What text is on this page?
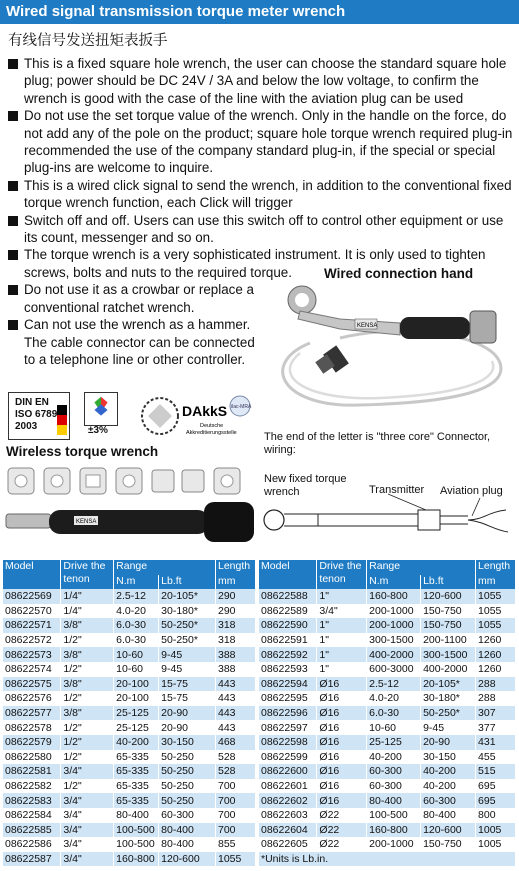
Wired signal transmission torque meter wrench
有线信号发送扭矩表扳手
This is a fixed square hole wrench, the user can choose the standard square hole plug; power should be DC 24V / 3A and below the low voltage, to confirm the wrench is good with the case of the line with the aviation plug can be used
Do not use the set torque value of the wrench. Only in the handle on the force, do not add any of the pole on the product; square hole torque wrench required plug-in recommended the use of the company standard plug-in, if the special or special plug-ins are welcome to inquire.
This is a wired click signal to send the wrench, in addition to the conventional fixed torque wrench function, each Click will trigger
Switch off and off. Users can use this switch off to control other equipment or use its count, messenger and so on.
The torque wrench is a very sophisticated instrument. It is only used to tighten screws, bolts and nuts to the required torque.
Do not use it as a crowbar or replace a conventional ratchet wrench.
Can not use the wrench as a hammer. The cable connector can be connected to a telephone line or other controller.
Wired connection hand
KENSA
DIN EN
ISO 6789
2003	±3%
DAkkS
Deutsche
Akkreditierungsstelle
ilac-MRA
The end of the letter is "three core" Connector, wiring:
Wireless torque wrench
KENSA
New fixed torque wrench	Transmitter Aviation plug
Model	Drive the tenon	Range		Length
		N.m	Lb.ft	mm
08622569	1/4"	2.5-12	20-105*	290
08622570	1/4"	4.0-20	30-180*	290
08622571	3/8"	6.0-30	50-250*	318
08622572	1/2"	6.0-30	50-250*	318
08622573	3/8"	10-60	9-45	388
08622574	1/2"	10-60	9-45	388
08622575	3/8"	20-100	15-75	443
08622576	1/2"	20-100	15-75	443
08622577	3/8"	25-125	20-90	443
08622578	1/2"	25-125	20-90	443
08622579	1/2"	40-200	30-150	468
08622580	1/2"	65-335	50-250	528
08622581	3/4"	65-335	50-250	528
08622582	1/2"	65-335	50-250	700
08622583	3/4"	65-335	50-250	700
08622584	3/4"	80-400	60-300	700
08622585	3/4"	100-500	80-400	700
08622586	3/4"	100-500	80-400	855
08622587	3/4"	160-800	120-600	1055
Model	Drive the tenon	Range		Length
		N.m	Lb.ft	mm
08622588	1"	160-800	120-600	1055
08622589	3/4"	200-1000	150-750	1055
08622590	1"	200-1000	150-750	1055
08622591	1"	300-1500	200-1100	1260
08622592	1"	400-2000	300-1500	1260
08622593	1"	600-3000	400-2000	1260
08622594	Ø16	2.5-12	20-105*	288
08622595	Ø16	4.0-20	30-180*	288
08622596	Ø16	6.0-30	50-250*	307
08622597	Ø16	10-60	9-45	377
08622598	Ø16	25-125	20-90	431
08622599	Ø16	40-200	30-150	455
08622600	Ø16	60-300	40-200	515
08622601	Ø16	60-300	40-200	695
08622602	Ø16	80-400	60-300	695
08622603	Ø22	100-500	80-400	800
08622604	Ø22	160-800	120-600	1005
08622605	Ø22	200-1000	150-750	1005
*Units is Lb.in.				
